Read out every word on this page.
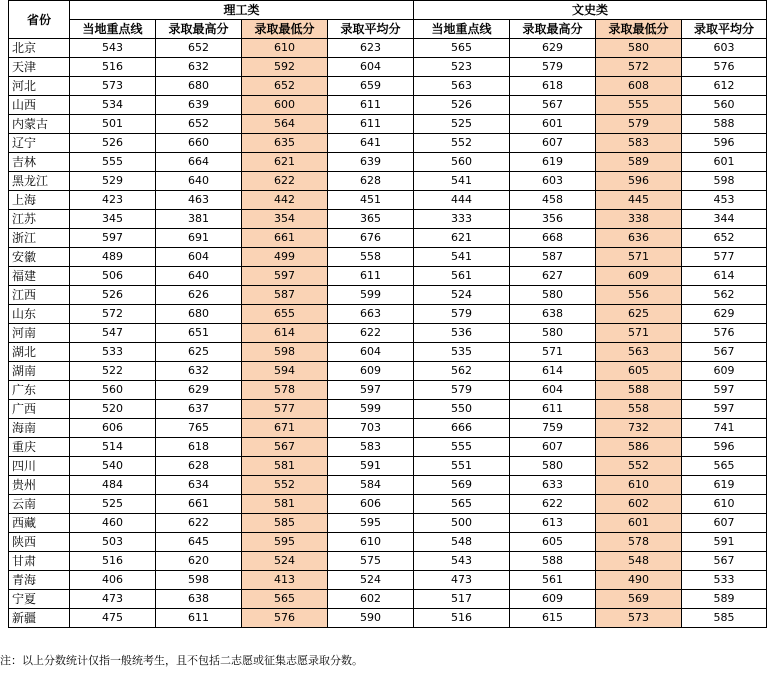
省份	理工类				文史类			
	当地重点线	录取最高分	录取最低分	录取平均分	当地重点线	录取最高分	录取最低分	录取平均分
北京	543	652	610	623	565	629	580	603
天津	516	632	592	604	523	579	572	576
河北	573	680	652	659	563	618	608	612
山西	534	639	600	611	526	567	555	560
内蒙古	501	652	564	611	525	601	579	588
辽宁	526	660	635	641	552	607	583	596
吉林	555	664	621	639	560	619	589	601
黑龙江	529	640	622	628	541	603	596	598
上海	423	463	442	451	444	458	445	453
江苏	345	381	354	365	333	356	338	344
浙江	597	691	661	676	621	668	636	652
安徽	489	604	499	558	541	587	571	577
福建	506	640	597	611	561	627	609	614
江西	526	626	587	599	524	580	556	562
山东	572	680	655	663	579	638	625	629
河南	547	651	614	622	536	580	571	576
湖北	533	625	598	604	535	571	563	567
湖南	522	632	594	609	562	614	605	609
广东	560	629	578	597	579	604	588	597
广西	520	637	577	599	550	611	558	597
海南	606	765	671	703	666	759	732	741
重庆	514	618	567	583	555	607	586	596
四川	540	628	581	591	551	580	552	565
贵州	484	634	552	584	569	633	610	619
云南	525	661	581	606	565	622	602	610
西藏	460	622	585	595	500	613	601	607
陕西	503	645	595	610	548	605	578	591
甘肃	516	620	524	575	543	588	548	567
青海	406	598	413	524	473	561	490	533
宁夏	473	638	565	602	517	609	569	589
新疆	475	611	576	590	516	615	573	585
注：以上分数统计仅指一般统考生，且不包括二志愿或征集志愿录取分数。
